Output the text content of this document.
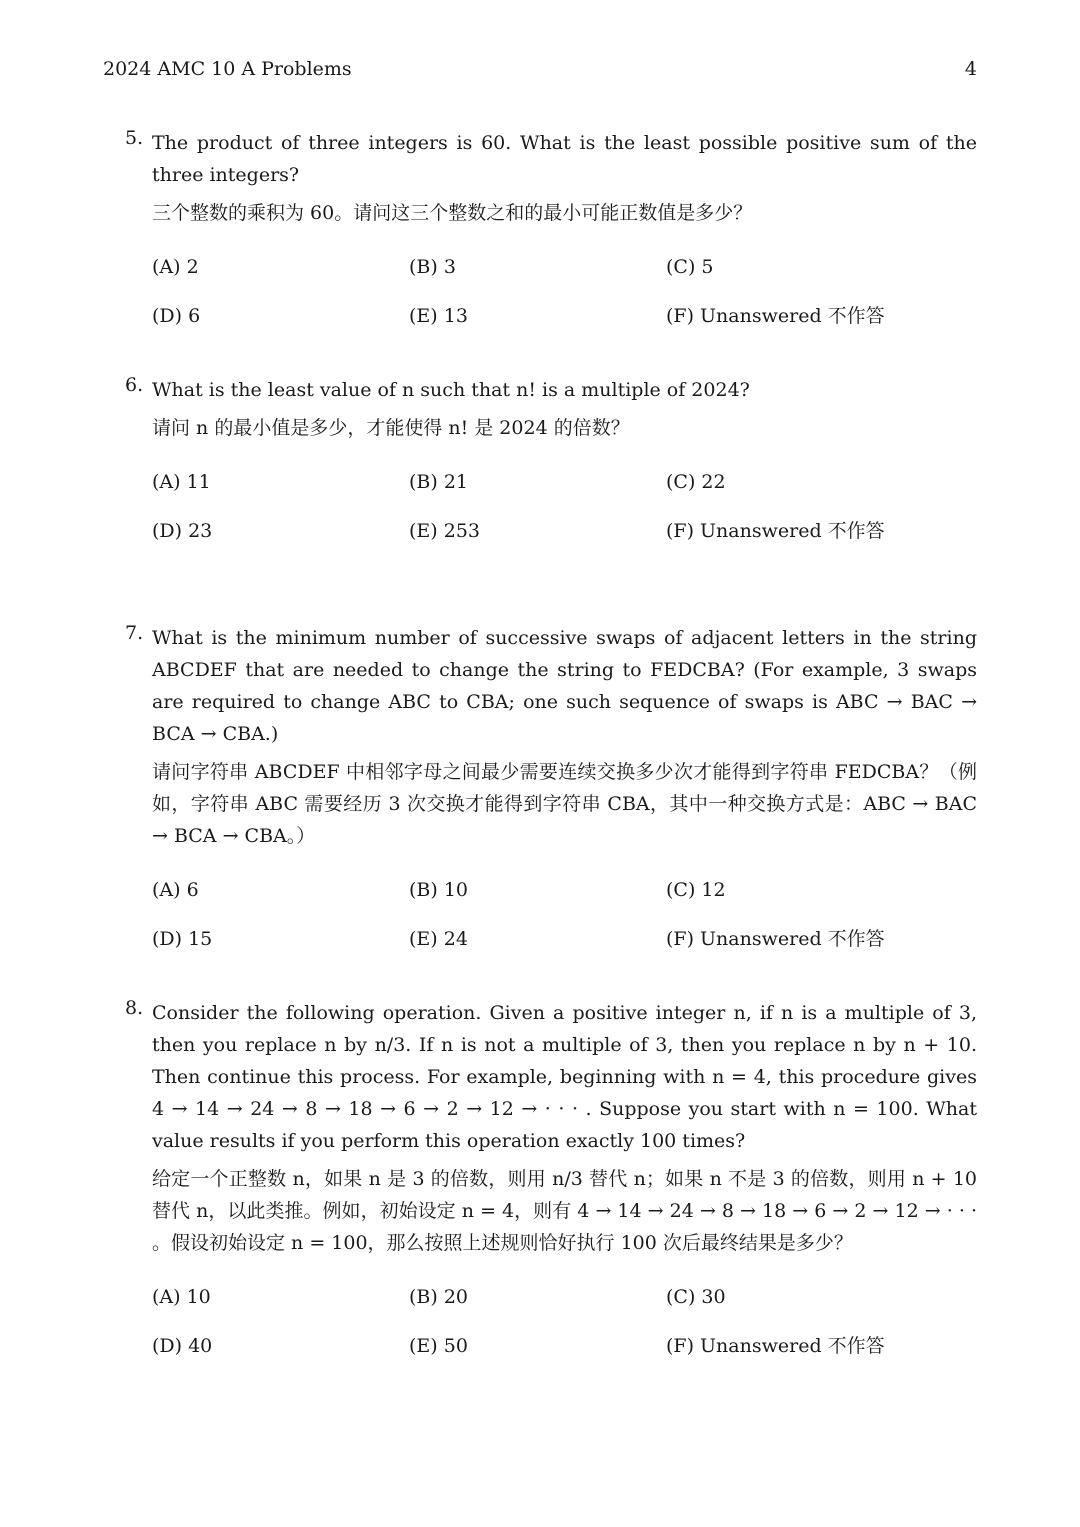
2024 AMC 10 A Problems	4
5. The product of three integers is 60. What is the least possible positive sum of the three integers?

三个整数的乘积为 60。请问这三个整数之和的最小可能正数值是多少？

(A) 2	(B) 3	(C) 5
(D) 6	(E) 13	(F) Unanswered 不作答
6. What is the least value of n such that n! is a multiple of 2024?

请问 n 的最小值是多少，才能使得 n! 是 2024 的倍数？

(A) 11	(B) 21	(C) 22
(D) 23	(E) 253	(F) Unanswered 不作答
7. What is the minimum number of successive swaps of adjacent letters in the string ABCDEF that are needed to change the string to FEDCBA? (For example, 3 swaps are required to change ABC to CBA; one such sequence of swaps is ABC → BAC → BCA → CBA.)

请问字符串 ABCDEF 中相邻字母之间最少需要连续交换多少次才能得到字符串 FEDCBA？（例如，字符串 ABC 需要经历 3 次交换才能得到字符串 CBA，其中一种交换方式是：ABC → BAC → BCA → CBA。）

(A) 6	(B) 10	(C) 12
(D) 15	(E) 24	(F) Unanswered 不作答
8. Consider the following operation. Given a positive integer n, if n is a multiple of 3, then you replace n by n/3. If n is not a multiple of 3, then you replace n by n + 10. Then continue this process. For example, beginning with n = 4, this procedure gives 4 → 14 → 24 → 8 → 18 → 6 → 2 → 12 → · · · . Suppose you start with n = 100. What value results if you perform this operation exactly 100 times?

给定一个正整数 n，如果 n 是 3 的倍数，则用 n/3 替代 n；如果 n 不是 3 的倍数，则用 n + 10 替代 n，以此类推。例如，初始设定 n = 4，则有 4 → 14 → 24 → 8 → 18 → 6 → 2 → 12 → · · · 。假设初始设定 n = 100，那么按照上述规则恰好执行 100 次后最终结果是多少？

(A) 10	(B) 20	(C) 30
(D) 40	(E) 50	(F) Unanswered 不作答
